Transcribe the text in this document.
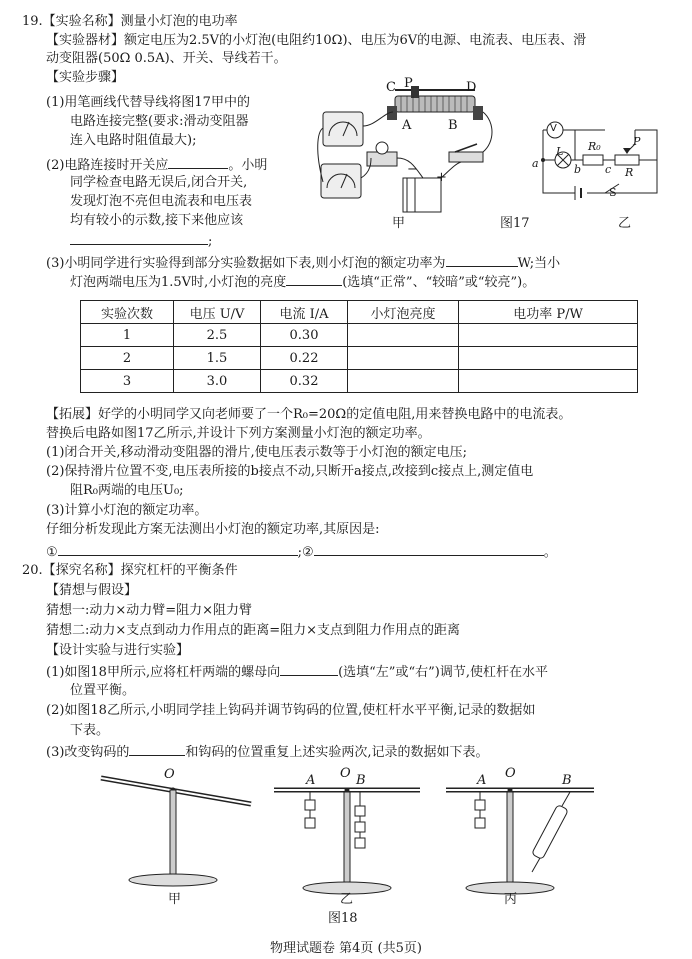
19.【实验名称】测量小灯泡的电功率
【实验器材】额定电压为2.5V的小灯泡(电阻约10Ω)、电压为6V的电源、电流表、电压表、滑
动变阻器(50Ω 0.5A)、开关、导线若干。
【实验步骤】
(1)用笔画线代替导线将图17甲中的
电路连接完整(要求:滑动变阻器
连入电路时阻值最大);
(2)电路连接时开关应	。小明
同学检查电路无误后,闭合开关,
发现灯泡不亮但电流表和电压表
均有较小的示数,接下来他应该
;
C P	D
A	B
−
+
甲	图17	乙
V
L R₀	P
a	b c R
S
(3)小明同学进行实验得到部分实验数据如下表,则小灯泡的额定功率为	W;当小
灯泡两端电压为1.5V时,小灯泡的亮度	(选填“正常”、“较暗”或“较亮”)。
实验次数	电压 U/V	电流 I/A	小灯泡亮度	电功率 P/W
1	2.5	0.30		
2	1.5	0.22		
3	3.0	0.32		
【拓展】好学的小明同学又向老师要了一个R₀=20Ω的定值电阻,用来替换电路中的电流表。
替换后电路如图17乙所示,并设计下列方案测量小灯泡的额定功率。
(1)闭合开关,移动滑动变阻器的滑片,使电压表示数等于小灯泡的额定电压;
(2)保持滑片位置不变,电压表所接的b接点不动,只断开a接点,改接到c接点上,测定值电
阻R₀两端的电压U₀;
(3)计算小灯泡的额定功率。
仔细分析发现此方案无法测出小灯泡的额定功率,其原因是:
①	;②	。
20.【探究名称】探究杠杆的平衡条件
【猜想与假设】
猜想一:动力×动力臂=阻力×阻力臂
猜想二:动力×支点到动力作用点的距离=阻力×支点到阻力作用点的距离
【设计实验与进行实验】
(1)如图18甲所示,应将杠杆两端的螺母向	(选填“左”或“右”)调节,使杠杆在水平
位置平衡。
(2)如图18乙所示,小明同学挂上钩码并调节钩码的位置,使杠杆水平平衡,记录的数据如
下表。
(3)改变钩码的	和钩码的位置重复上述实验两次,记录的数据如下表。
O	A O B	A O	B
甲	乙	丙
图18
物理试题卷 第4页 (共5页)
